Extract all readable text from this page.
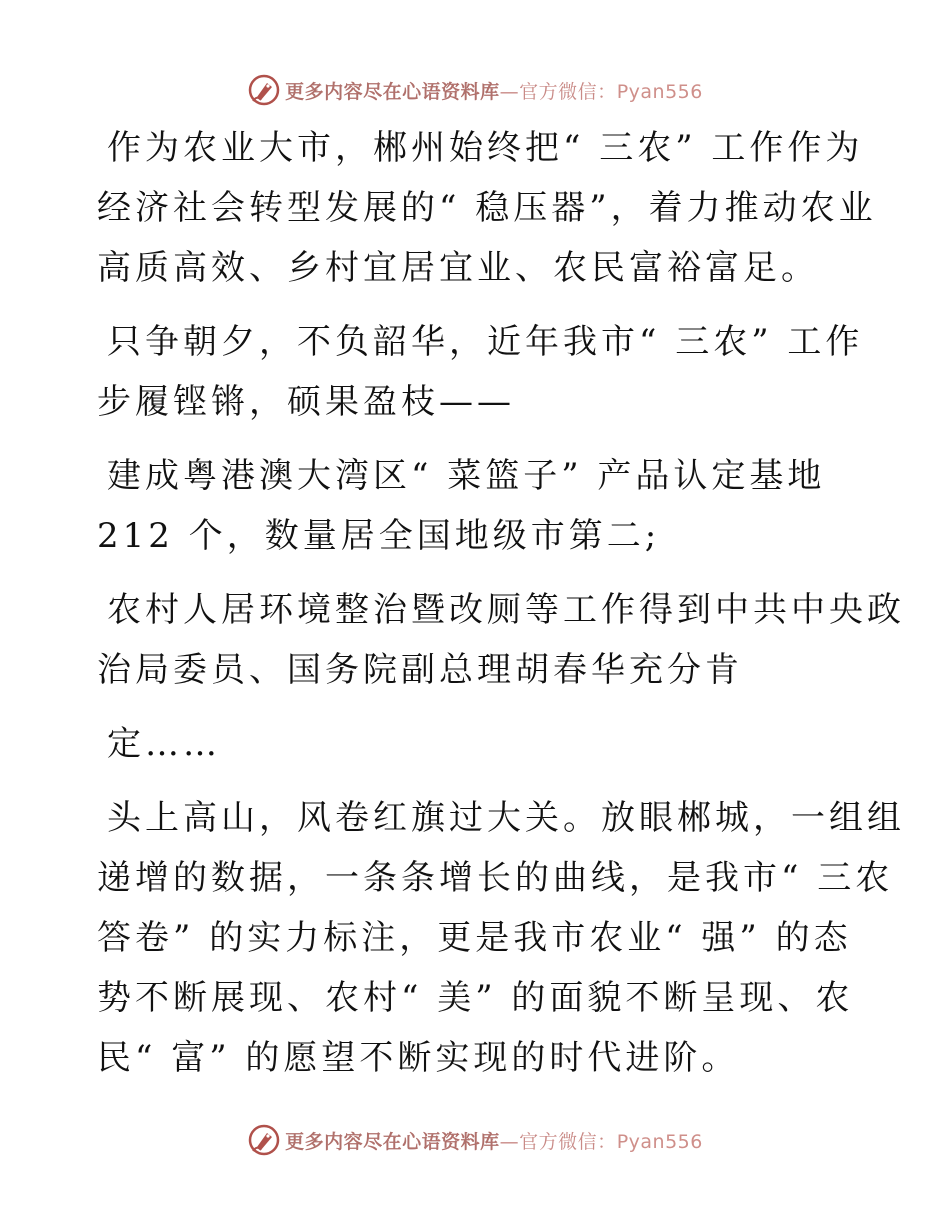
更多内容尽在心语资料库—官方微信：Pyan556

作为农业大市，郴州始终把“ 三农” 工作作为
经济社会转型发展的“ 稳压器”，着力推动农业
高质高效、乡村宜居宜业、农民富裕富足。

只争朝夕，不负韶华，近年我市“ 三农” 工作
步履铿锵，硕果盈枝——

建成粤港澳大湾区“ 菜篮子” 产品认定基地
212 个，数量居全国地级市第二;

农村人居环境整治暨改厕等工作得到中共中央政
治局委员、国务院副总理胡春华充分肯

定……

头上高山，风卷红旗过大关。放眼郴城，一组组
递增的数据，一条条增长的曲线，是我市“ 三农
答卷” 的实力标注，更是我市农业“ 强” 的态
势不断展现、农村“ 美” 的面貌不断呈现、农
民“ 富” 的愿望不断实现的时代进阶。

更多内容尽在心语资料库—官方微信：Pyan556
